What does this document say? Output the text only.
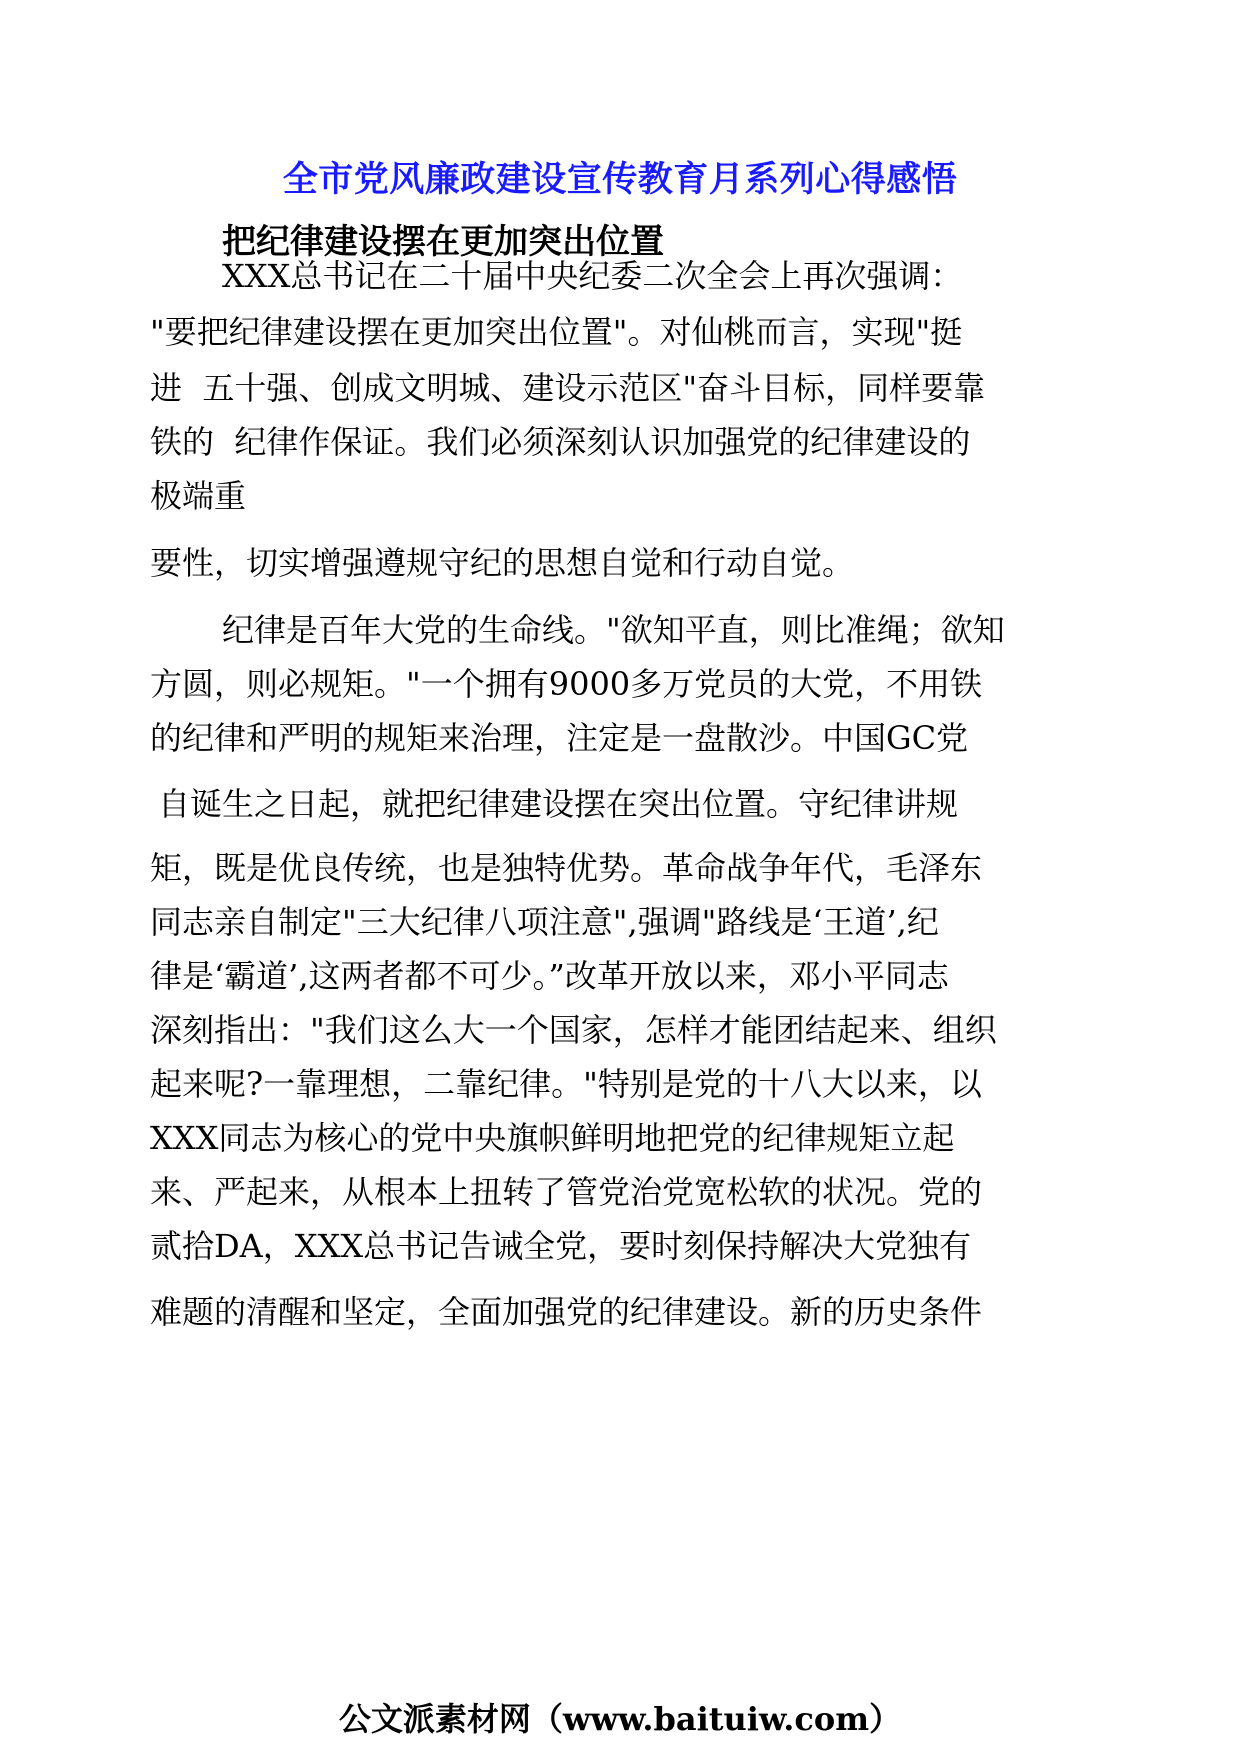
全市党风廉政建设宣传教育月系列心得感悟
把纪律建设摆在更加突出位置
XXX总书记在二十届中央纪委二次全会上再次强调：
"要把纪律建设摆在更加突出位置"。对仙桃而言，实现"挺
进  五十强、创成文明城、建设示范区"奋斗目标，同样要靠
铁的  纪律作保证。我们必须深刻认识加强党的纪律建设的
极端重
要性，切实增强遵规守纪的思想自觉和行动自觉。
纪律是百年大党的生命线。"欲知平直，则比准绳；欲知
方圆，则必规矩。"一个拥有9000多万党员的大党，不用铁
的纪律和严明的规矩来治理，注定是一盘散沙。中国GC党
自诞生之日起，就把纪律建设摆在突出位置。守纪律讲规
矩，既是优良传统，也是独特优势。革命战争年代，毛泽东
同志亲自制定"三大纪律八项注意",强调"路线是‘王道’,纪
律是‘霸道’,这两者都不可少。”改革开放以来，邓小平同志
深刻指出："我们这么大一个国家，怎样才能团结起来、组织
起来呢?一靠理想，二靠纪律。"特别是党的十八大以来，以
XXX同志为核心的党中央旗帜鲜明地把党的纪律规矩立起
来、严起来，从根本上扭转了管党治党宽松软的状况。党的
贰拾DA，XXX总书记告诫全党，要时刻保持解决大党独有
难题的清醒和坚定，全面加强党的纪律建设。新的历史条件
公文派素材网（www.baituiw.com）
